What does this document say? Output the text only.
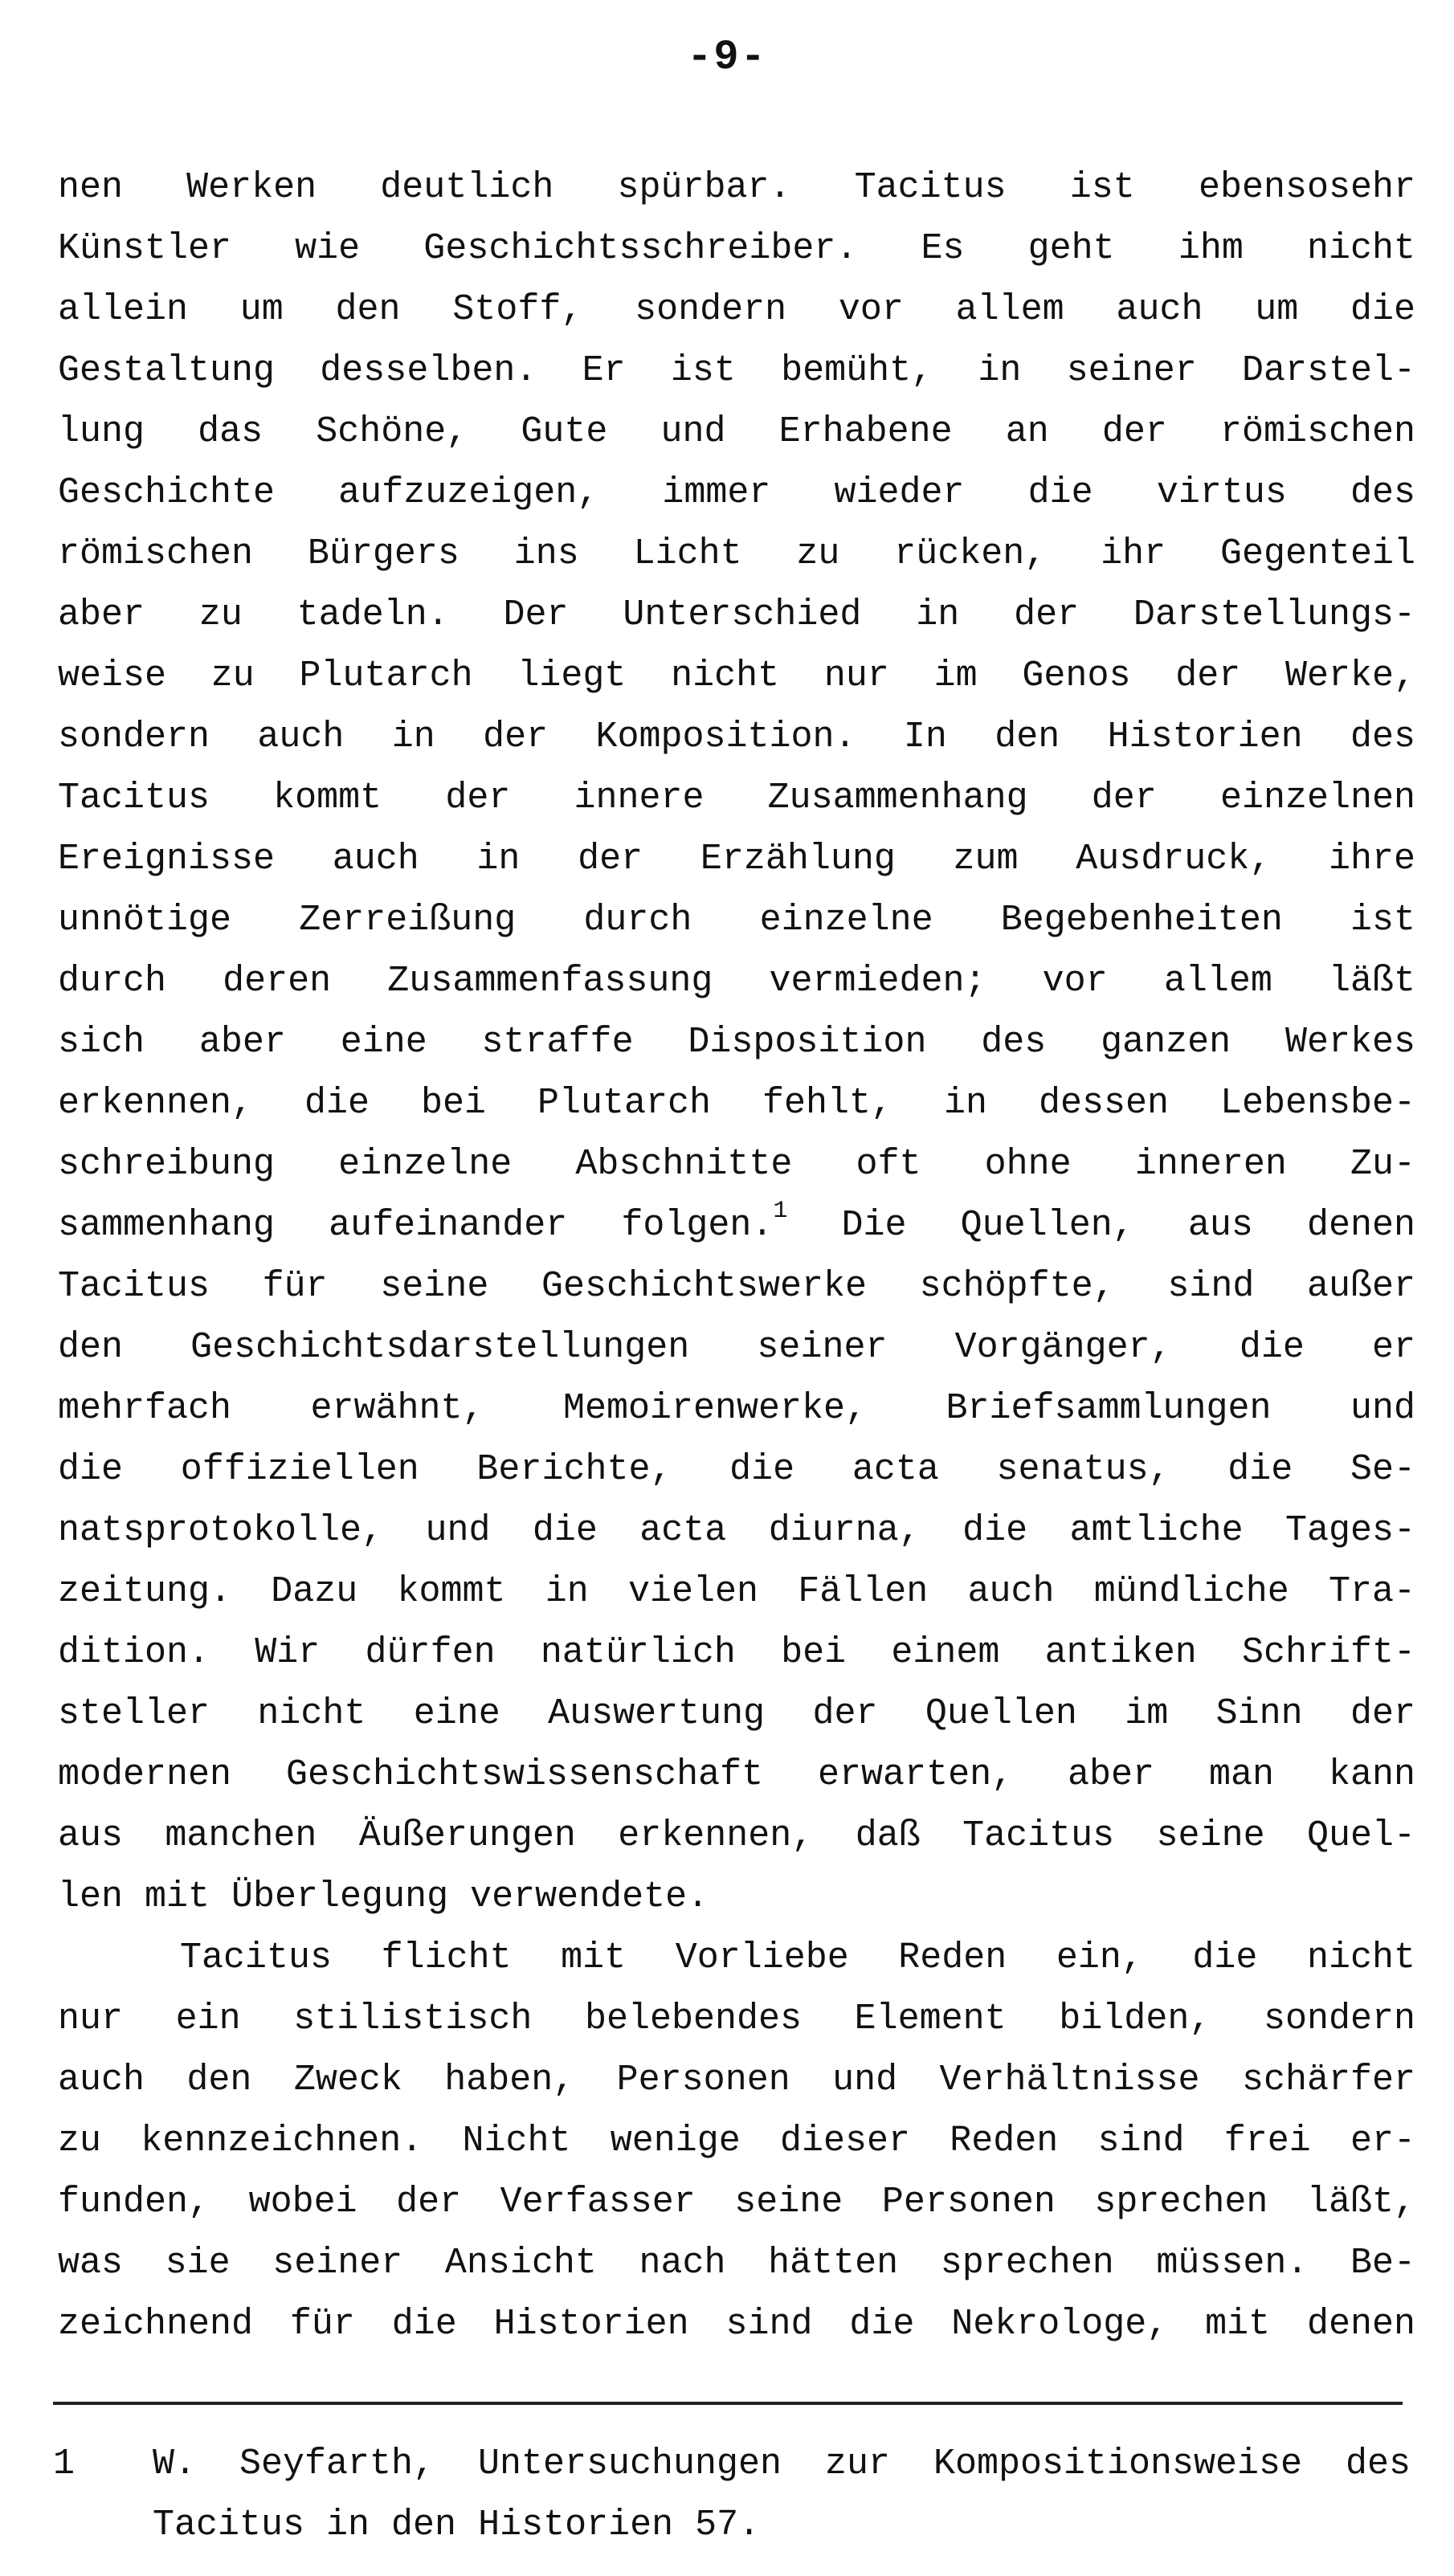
-9-
nen Werken deutlich spürbar. Tacitus ist ebensosehr
Künstler wie Geschichtsschreiber. Es geht ihm nicht
allein um den Stoff, sondern vor allem auch um die
Gestaltung desselben. Er ist bemüht, in seiner Darstel-
lung das Schöne, Gute und Erhabene an der römischen
Geschichte aufzuzeigen, immer wieder die virtus des
römischen Bürgers ins Licht zu rücken, ihr Gegenteil
aber zu tadeln. Der Unterschied in der Darstellungs-
weise zu Plutarch liegt nicht nur im Genos der Werke,
sondern auch in der Komposition. In den Historien des
Tacitus kommt der innere Zusammenhang der einzelnen
Ereignisse auch in der Erzählung zum Ausdruck, ihre
unnötige Zerreißung durch einzelne Begebenheiten ist
durch deren Zusammenfassung vermieden; vor allem läßt
sich aber eine straffe Disposition des ganzen Werkes
erkennen, die bei Plutarch fehlt, in dessen Lebensbe-
schreibung einzelne Abschnitte oft ohne inneren Zu-
sammenhang aufeinander folgen.$^1$ Die Quellen, aus denen
Tacitus für seine Geschichtswerke schöpfte, sind außer
den Geschichtsdarstellungen seiner Vorgänger, die er
mehrfach erwähnt, Memoirenwerke, Briefsammlungen und
die offiziellen Berichte, die acta senatus, die Se-
natsprotokolle, und die acta diurna, die amtliche Tages-
zeitung. Dazu kommt in vielen Fällen auch mündliche Tra-
dition. Wir dürfen natürlich bei einem antiken Schrift-
steller nicht eine Auswertung der Quellen im Sinn der
modernen Geschichtswissenschaft erwarten, aber man kann
aus manchen Äußerungen erkennen, daß Tacitus seine Quel-
len mit Überlegung verwendete.
Tacitus flicht mit Vorliebe Reden ein, die nicht
nur ein stilistisch belebendes Element bilden, sondern
auch den Zweck haben, Personen und Verhältnisse schärfer
zu kennzeichnen. Nicht wenige dieser Reden sind frei er-
funden, wobei der Verfasser seine Personen sprechen läßt,
was sie seiner Ansicht nach hätten sprechen müssen. Be-
zeichnend für die Historien sind die Nekrologe, mit denen
1 W. Seyfarth, Untersuchungen zur Kompositionsweise des
Tacitus in den Historien 57.
